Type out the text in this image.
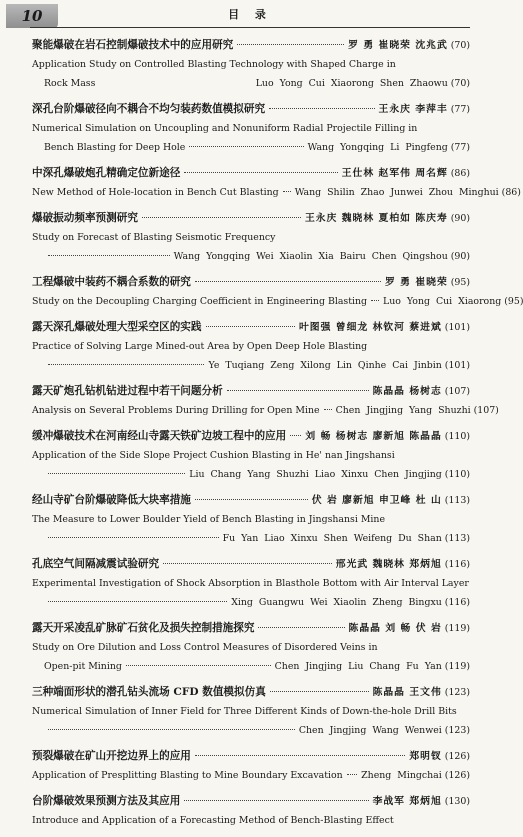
10	目 录
聚能爆破在岩石控制爆破技术中的应用研究	罗 勇 崔晓荣 沈兆武 (70)
Application Study on Controlled Blasting Technology with Shaped Charge in
Rock Mass	Luo Yong Cui Xiaorong Shen Zhaowu (70)
深孔台阶爆破径向不耦合不均匀装药数值模拟研究	王永庆 李萍丰 (77)
Numerical Simulation on Uncoupling and Nonuniform Radial Projectile Filling in
Bench Blasting for Deep Hole	Wang Yongqing Li Pingfeng (77)
中深孔爆破炮孔精确定位新途径	王仕林 赵军伟 周名辉 (86)
New Method of Hole-location in Bench Cut Blasting Wang Shilin Zhao Junwei Zhou Minghui (86)
爆破振动频率预测研究	王永庆 魏晓林 夏柏如 陈庆寿 (90)
Study on Forecast of Blasting Seismotic Frequency
Wang Yongqing Wei Xiaolin Xia Bairu Chen Qingshou (90)
工程爆破中装药不耦合系数的研究	罗 勇 崔晓荣 (95)
Study on the Decoupling Charging Coefficient in Engineering Blasting Luo Yong Cui Xiaorong (95)
露天深孔爆破处理大型采空区的实践	叶图强 曾细龙 林钦河 蔡进斌 (101)
Practice of Solving Large Mined-out Area by Open Deep Hole Blasting
Ye Tuqiang Zeng Xilong Lin Qinhe Cai Jinbin (101)
露天矿炮孔钻机钻进过程中若干问题分析	陈晶晶 杨树志 (107)
Analysis on Several Problems During Drilling for Open Mine Chen Jingjing Yang Shuzhi (107)
缓冲爆破技术在河南经山寺露天铁矿边坡工程中的应用 刘 畅 杨树志 廖新旭 陈晶晶 (110)
Application of the Side Slope Project Cushion Blasting in He' nan Jingshansi
Liu Chang Yang Shuzhi Liao Xinxu Chen Jingjing (110)
经山寺矿台阶爆破降低大块率措施	伏 岩 廖新旭 申卫峰 杜 山 (113)
The Measure to Lower Boulder Yield of Bench Blasting in Jingshansi Mine
Fu Yan Liao Xinxu Shen Weifeng Du Shan (113)
孔底空气间隔减震试验研究	邢光武 魏晓林 郑炳旭 (116)
Experimental Investigation of Shock Absorption in Blasthole Bottom with Air Interval Layer
Xing Guangwu Wei Xiaolin Zheng Bingxu (116)
露天开采凌乱矿脉矿石贫化及损失控制措施探究	陈晶晶 刘 畅 伏 岩 (119)
Study on Ore Dilution and Loss Control Measures of Disordered Veins in
Open-pit Mining	Chen Jingjing Liu Chang Fu Yan (119)
三种端面形状的潜孔钻头流场 CFD 数值模拟仿真	陈晶晶 王文伟 (123)
Numerical Simulation of Inner Field for Three Different Kinds of Down-the-hole Drill Bits
Chen Jingjing Wang Wenwei (123)
预裂爆破在矿山开挖边界上的应用	郑明钗 (126)
Application of Presplitting Blasting to Mine Boundary Excavation Zheng Mingchai (126)
台阶爆破效果预测方法及其应用	李战军 郑炳旭 (130)
Introduce and Application of a Forecasting Method of Bench-Blasting Effect
